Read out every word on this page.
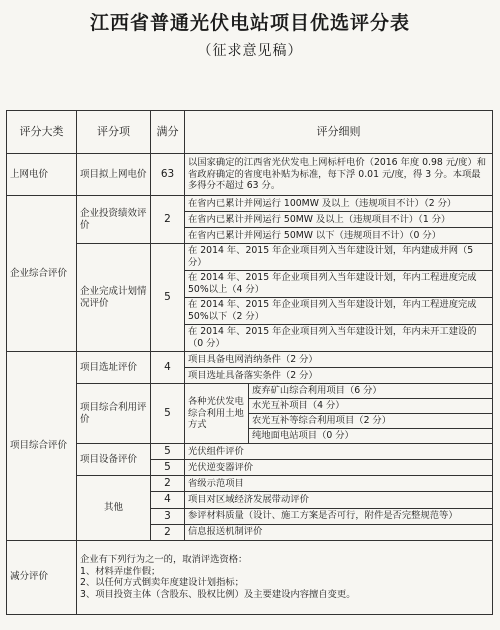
江西省普通光伏电站项目优选评分表
（征求意见稿）
评分大类	评分项	满分	评分细则	
上网电价	项目拟上网电价	63	以国家确定的江西省光伏发电上网标杆电价（2016 年度 0.98 元/度）和省政府确定的省度电补贴为标准，每下浮 0.01 元/度，得 3 分。本项最多得分不超过 63 分。	
企业综合评价	企业投资绩效评价	2	在省内已累计并网运行 100MW 及以上（违规项目不计）（2 分）	
			在省内已累计并网运行 50MW 及以上（违规项目不计）（1 分）	
			在省内已累计并网运行 50MW 以下（违规项目不计）（0 分）	
	企业完成计划情况评价	5	在 2014 年、2015 年企业项目列入当年建设计划，年内建成并网（5 分）	
			在 2014 年、2015 年企业项目列入当年建设计划，年内工程进度完成 50%以上（4 分）	
			在 2014 年、2015 年企业项目列入当年建设计划，年内工程进度完成 50%以下（2 分）	
			在 2014 年、2015 年企业项目列入当年建设计划，年内未开工建设的（0 分）	
项目综合评价	项目选址评价	4	项目具备电网消纳条件（2 分）	
			项目选址具备落实条件（2 分）	
	项目综合利用评价	5	各种光伏发电综合利用土地方式	废弃矿山综合利用项目（6 分）
				水光互补项目（4 分）
				农光互补等综合利用项目（2 分）
				纯地面电站项目（0 分）
	项目设备评价	5	光伏组件评价	
		5	光伏逆变器评价	
	其他	2	省级示范项目	
		4	项目对区域经济发展带动评价	
		3	参评材料质量（设计、施工方案是否可行，附件是否完整规范等）	
		2	信息报送机制评价	
减分评价	企业有下列行为之一的，取消评选资格：

1、材料弄虚作假；

2、以任何方式倒卖年度建设计划指标；

3、项目投资主体（含股东、股权比例）及主要建设内容擅自变更。			
